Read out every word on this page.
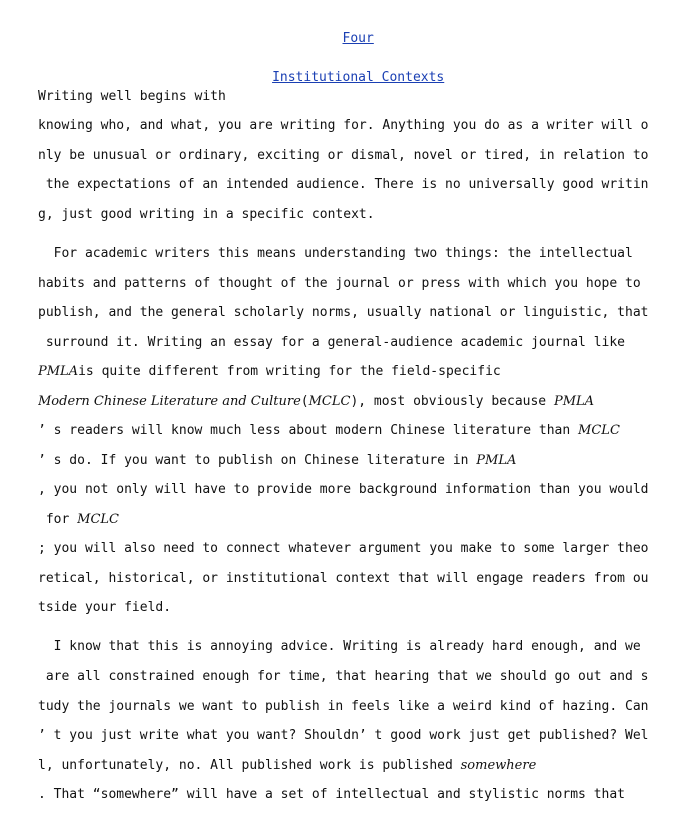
Four

Institutional Contexts

Writing well begins with
knowing who, and what, you are writing for. Anything you do as a writer will o
nly be unusual or ordinary, exciting or dismal, novel or tired, in relation to
the expectations of an intended audience. There is no universally good writin
g, just good writing in a specific context.
For academic writers this means understanding two things: the intellectual
habits and patterns of thought of the journal or press with which you hope to
publish, and the general scholarly norms, usually national or linguistic, that
surround it. Writing an essay for a general-audience academic journal like
PMLAis quite different from writing for the field-specific
Modern Chinese Literature and Culture(MCLC), most obviously because PMLA
’ s readers will know much less about modern Chinese literature than MCLC
’ s do. If you want to publish on Chinese literature in PMLA
, you not only will have to provide more background information than you would
for MCLC
; you will also need to connect whatever argument you make to some larger theo
retical, historical, or institutional context that will engage readers from ou
tside your field.
I know that this is annoying advice. Writing is already hard enough, and we
are all constrained enough for time, that hearing that we should go out and s
tudy the journals we want to publish in feels like a weird kind of hazing. Can
’ t you just write what you want? Shouldn’ t good work just get published? Wel
l, unfortunately, no. All published work is published somewhere
. That “somewhere” will have a set of intellectual and stylistic norms that
